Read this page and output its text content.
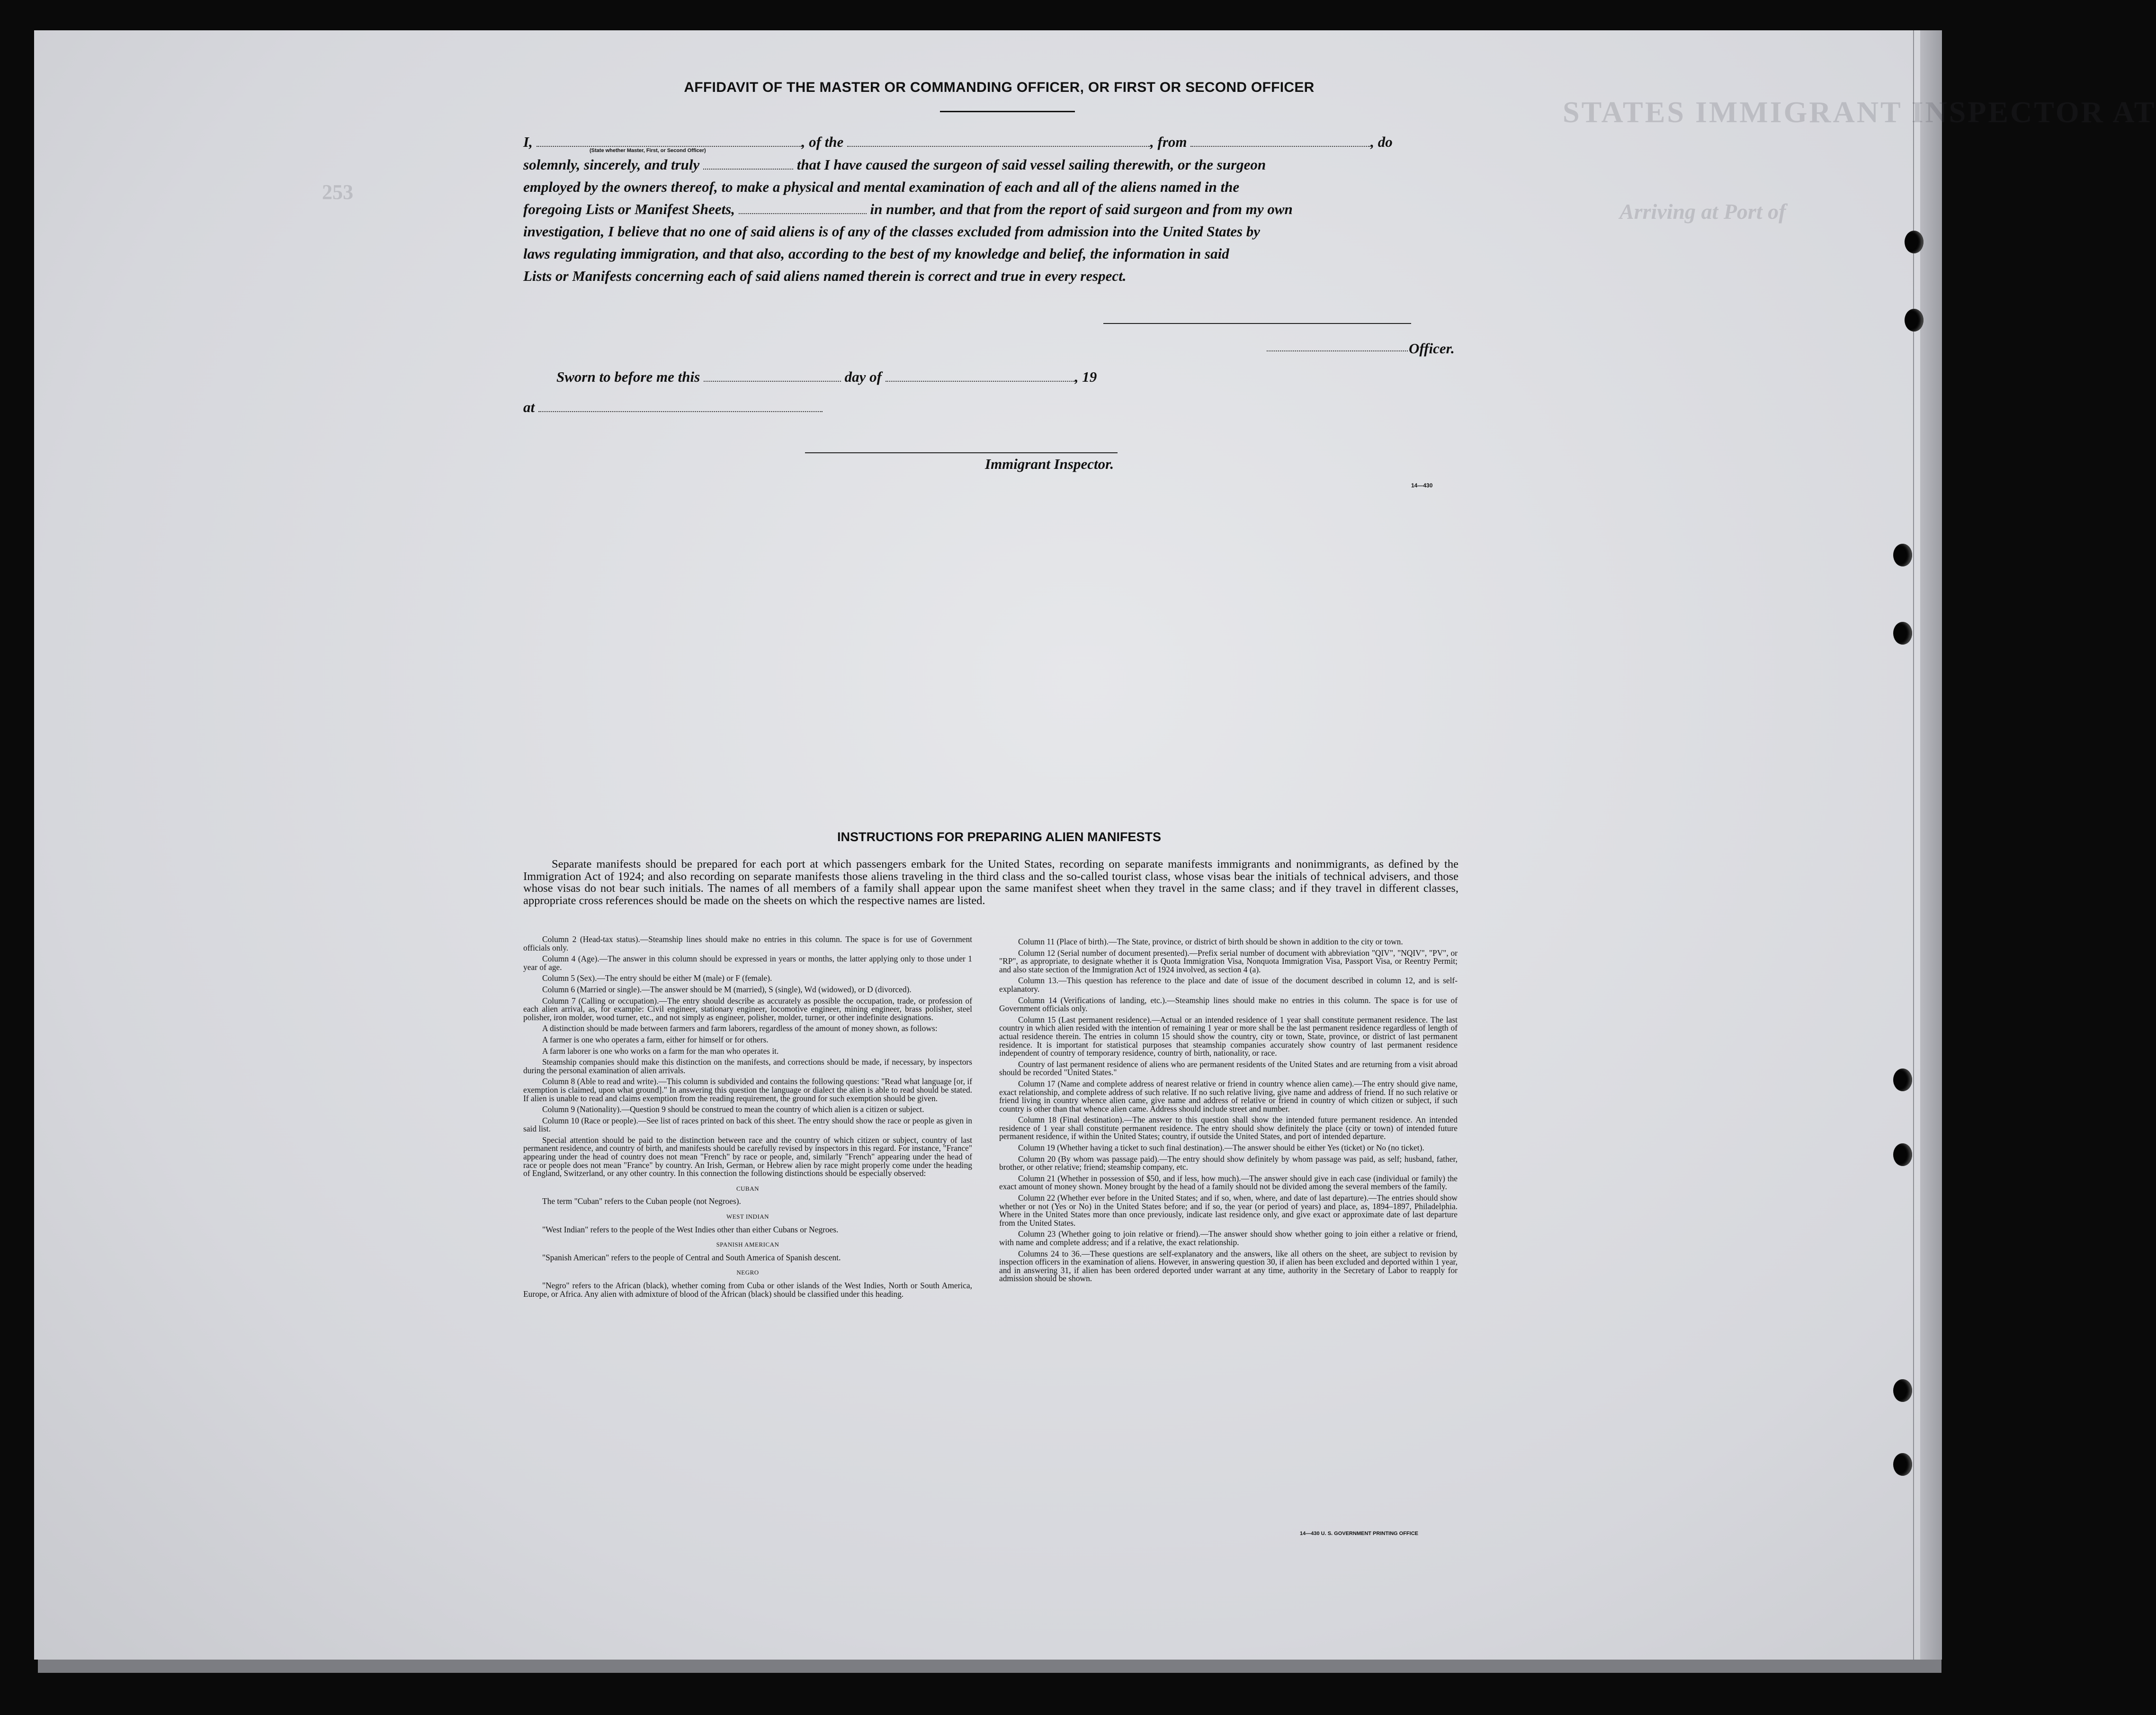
STATES IMMIGRANT INSPECTOR AT
Arriving at Port of
253
AFFIDAVIT OF THE MASTER OR COMMANDING OFFICER, OR FIRST OR SECOND OFFICER
I,	, of the	, from	, do
(State whether Master, First, or Second Officer)
solemnly, sincerely, and truly	that I have caused the surgeon of said vessel sailing therewith, or the surgeon
employed by the owners thereof, to make a physical and mental examination of each and all of the aliens named in the
foregoing Lists or Manifest Sheets,	in number, and that from the report of said surgeon and from my own
investigation, I believe that no one of said aliens is of any of the classes excluded from admission into the United States by
laws regulating immigration, and that also, according to the best of my knowledge and belief, the information in said
Lists or Manifests concerning each of said aliens named therein is correct and true in every respect.
Officer.
Sworn to before me this	day of	, 19
at
Immigrant Inspector.
14—430
INSTRUCTIONS FOR PREPARING ALIEN MANIFESTS
Separate manifests should be prepared for each port at which passengers embark for the United States, recording on separate manifests immigrants and nonimmigrants, as defined by the Immigration Act of 1924; and also recording on separate manifests those aliens traveling in the third class and the so-called tourist class, whose visas bear the initials of technical advisers, and those whose visas do not bear such initials. The names of all members of a family shall appear upon the same manifest sheet when they travel in the same class; and if they travel in different classes, appropriate cross references should be made on the sheets on which the respective names are listed.

Column 2 (Head-tax status).—Steamship lines should make no entries in this column. The space is for use of Government officials only.

Column 4 (Age).—The answer in this column should be expressed in years or months, the latter applying only to those under 1 year of age.

Column 5 (Sex).—The entry should be either M (male) or F (female).

Column 6 (Married or single).—The answer should be M (married), S (single), Wd (widowed), or D (divorced).

Column 7 (Calling or occupation).—The entry should describe as accurately as possible the occupation, trade, or profession of each alien arrival, as, for example: Civil engineer, stationary engineer, locomotive engineer, mining engineer, brass polisher, steel polisher, iron molder, wood turner, etc., and not simply as engineer, polisher, molder, turner, or other indefinite designations.

A distinction should be made between farmers and farm laborers, regardless of the amount of money shown, as follows:

A farmer is one who operates a farm, either for himself or for others.

A farm laborer is one who works on a farm for the man who operates it.

Steamship companies should make this distinction on the manifests, and corrections should be made, if necessary, by inspectors during the personal examination of alien arrivals.

Column 8 (Able to read and write).—This column is subdivided and contains the following questions: "Read what language [or, if exemption is claimed, upon what ground]." In answering this question the language or dialect the alien is able to read should be stated. If alien is unable to read and claims exemption from the reading requirement, the ground for such exemption should be given.

Column 9 (Nationality).—Question 9 should be construed to mean the country of which alien is a citizen or subject.

Column 10 (Race or people).—See list of races printed on back of this sheet. The entry should show the race or people as given in said list.

Special attention should be paid to the distinction between race and the country of which citizen or subject, country of last permanent residence, and country of birth, and manifests should be carefully revised by inspectors in this regard. For instance, "France" appearing under the head of country does not mean "French" by race or people, and, similarly "French" appearing under the head of race or people does not mean "France" by country. An Irish, German, or Hebrew alien by race might properly come under the heading of England, Switzerland, or any other country. In this connection the following distinctions should be especially observed:

CUBAN

The term "Cuban" refers to the Cuban people (not Negroes).

WEST INDIAN

"West Indian" refers to the people of the West Indies other than either Cubans or Negroes.

SPANISH AMERICAN

"Spanish American" refers to the people of Central and South America of Spanish descent.

NEGRO

"Negro" refers to the African (black), whether coming from Cuba or other islands of the West Indies, North or South America, Europe, or Africa. Any alien with admixture of blood of the African (black) should be classified under this heading.

Column 11 (Place of birth).—The State, province, or district of birth should be shown in addition to the city or town.

Column 12 (Serial number of document presented).—Prefix serial number of document with abbreviation "QIV", "NQIV", "PV", or "RP", as appropriate, to designate whether it is Quota Immigration Visa, Nonquota Immigration Visa, Passport Visa, or Reentry Permit; and also state section of the Immigration Act of 1924 involved, as section 4 (a).

Column 13.—This question has reference to the place and date of issue of the document described in column 12, and is self-explanatory.

Column 14 (Verifications of landing, etc.).—Steamship lines should make no entries in this column. The space is for use of Government officials only.

Column 15 (Last permanent residence).—Actual or an intended residence of 1 year shall constitute permanent residence. The last country in which alien resided with the intention of remaining 1 year or more shall be the last permanent residence regardless of length of actual residence therein. The entries in column 15 should show the country, city or town, State, province, or district of last permanent residence. It is important for statistical purposes that steamship companies accurately show country of last permanent residence independent of country of temporary residence, country of birth, nationality, or race.

Country of last permanent residence of aliens who are permanent residents of the United States and are returning from a visit abroad should be recorded "United States."

Column 17 (Name and complete address of nearest relative or friend in country whence alien came).—The entry should give name, exact relationship, and complete address of such relative. If no such relative living, give name and address of friend. If no such relative or friend living in country whence alien came, give name and address of relative or friend in country of which citizen or subject, if such country is other than that whence alien came. Address should include street and number.

Column 18 (Final destination).—The answer to this question shall show the intended future permanent residence. An intended residence of 1 year shall constitute permanent residence. The entry should show definitely the place (city or town) of intended future permanent residence, if within the United States; country, if outside the United States, and port of intended departure.

Column 19 (Whether having a ticket to such final destination).—The answer should be either Yes (ticket) or No (no ticket).

Column 20 (By whom was passage paid).—The entry should show definitely by whom passage was paid, as self; husband, father, brother, or other relative; friend; steamship company, etc.

Column 21 (Whether in possession of $50, and if less, how much).—The answer should give in each case (individual or family) the exact amount of money shown. Money brought by the head of a family should not be divided among the several members of the family.

Column 22 (Whether ever before in the United States; and if so, when, where, and date of last departure).—The entries should show whether or not (Yes or No) in the United States before; and if so, the year (or period of years) and place, as, 1894–1897, Philadelphia. Where in the United States more than once previously, indicate last residence only, and give exact or approximate date of last departure from the United States.

Column 23 (Whether going to join relative or friend).—The answer should show whether going to join either a relative or friend, with name and complete address; and if a relative, the exact relationship.

Columns 24 to 36.—These questions are self-explanatory and the answers, like all others on the sheet, are subject to revision by inspection officers in the examination of aliens. However, in answering question 30, if alien has been excluded and deported within 1 year, and in answering 31, if alien has been ordered deported under warrant at any time, authority in the Secretary of Labor to reapply for admission should be shown.

14—430 U. S. GOVERNMENT PRINTING OFFICE
